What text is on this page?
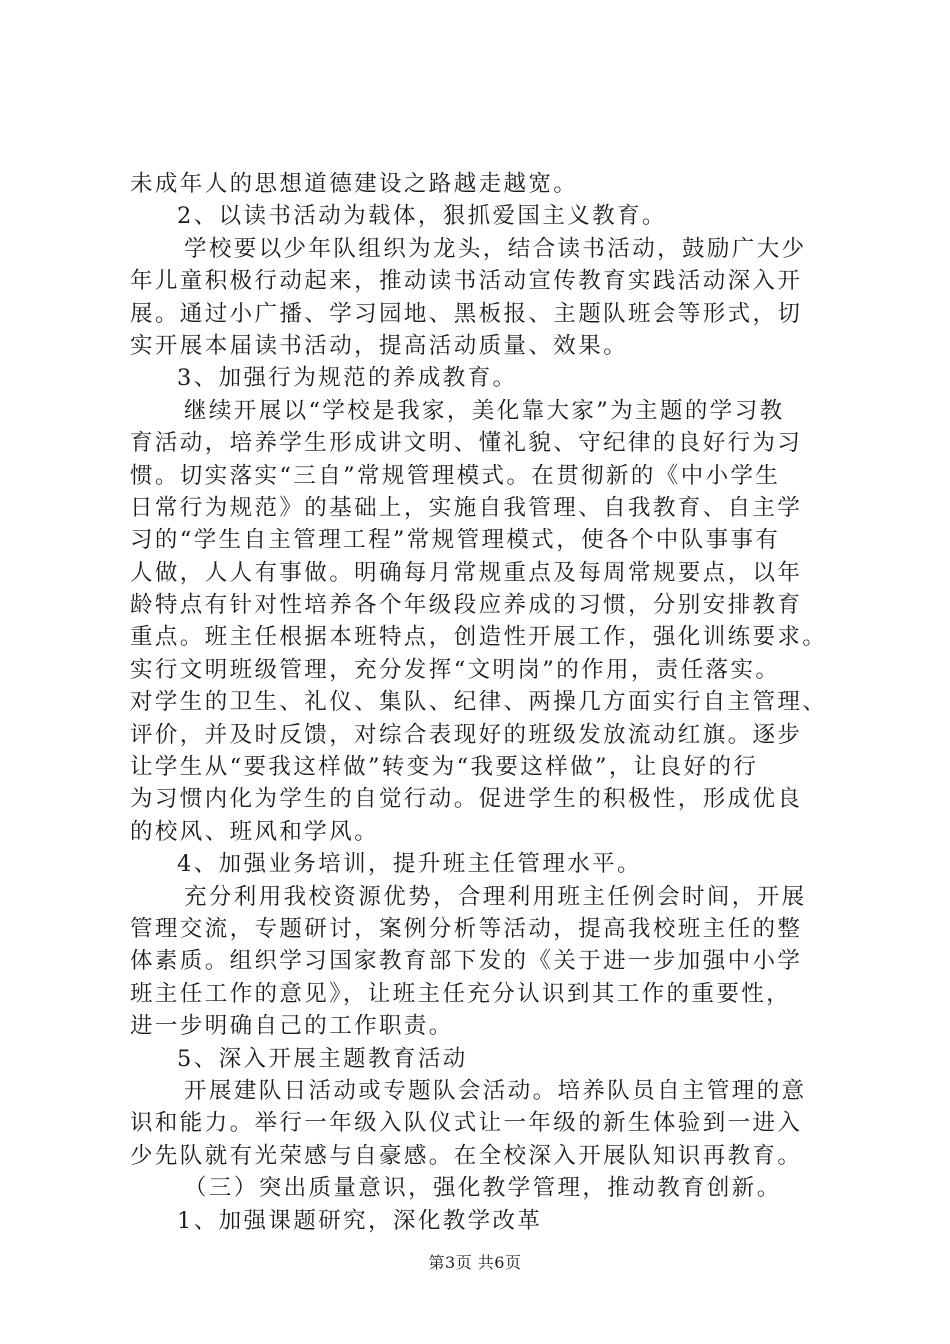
未成年人的思想道德建设之路越走越宽。
2、以读书活动为载体，狠抓爱国主义教育。
学校要以少年队组织为龙头，结合读书活动，鼓励广大少
年儿童积极行动起来，推动读书活动宣传教育实践活动深入开
展。通过小广播、学习园地、黑板报、主题队班会等形式，切
实开展本届读书活动，提高活动质量、效果。
3、加强行为规范的养成教育。
继续开展以“学校是我家，美化靠大家”为主题的学习教
育活动，培养学生形成讲文明、懂礼貌、守纪律的良好行为习
惯。切实落实“三自”常规管理模式。在贯彻新的《中小学生
日常行为规范》的基础上，实施自我管理、自我教育、自主学
习的“学生自主管理工程”常规管理模式，使各个中队事事有
人做，人人有事做。明确每月常规重点及每周常规要点，以年
龄特点有针对性培养各个年级段应养成的习惯，分别安排教育
重点。班主任根据本班特点，创造性开展工作，强化训练要求。
实行文明班级管理，充分发挥“文明岗”的作用，责任落实。
对学生的卫生、礼仪、集队、纪律、两操几方面实行自主管理、
评价，并及时反馈，对综合表现好的班级发放流动红旗。逐步
让学生从“要我这样做”转变为“我要这样做”，让良好的行
为习惯内化为学生的自觉行动。促进学生的积极性，形成优良
的校风、班风和学风。
4、加强业务培训，提升班主任管理水平。
充分利用我校资源优势，合理利用班主任例会时间，开展
管理交流，专题研讨，案例分析等活动，提高我校班主任的整
体素质。组织学习国家教育部下发的《关于进一步加强中小学
班主任工作的意见》，让班主任充分认识到其工作的重要性，
进一步明确自己的工作职责。
5、深入开展主题教育活动
开展建队日活动或专题队会活动。培养队员自主管理的意
识和能力。举行一年级入队仪式让一年级的新生体验到一进入
少先队就有光荣感与自豪感。在全校深入开展队知识再教育。
（三）突出质量意识，强化教学管理，推动教育创新。
1、加强课题研究，深化教学改革
第3页 共6页
